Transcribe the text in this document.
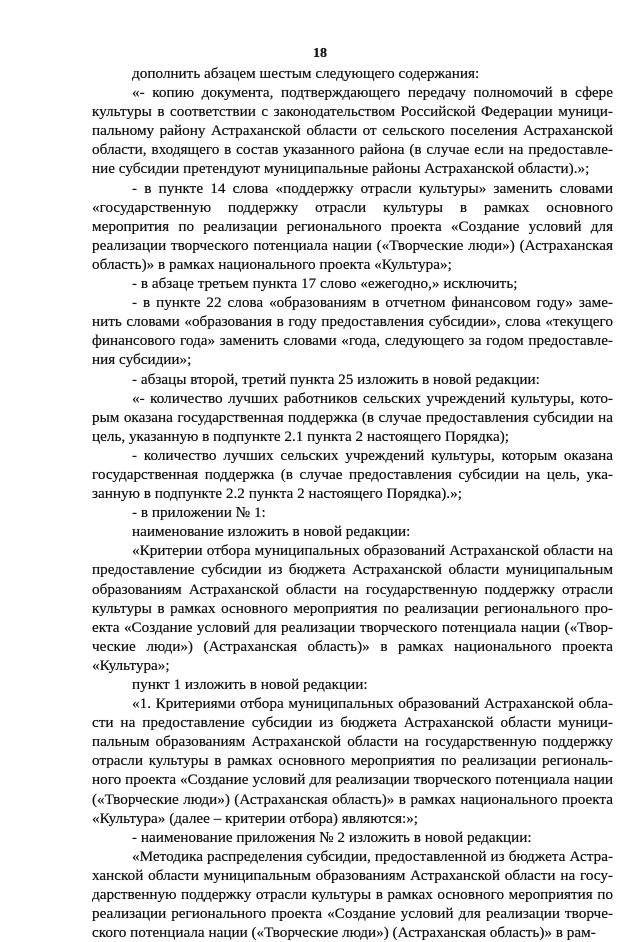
18

дополнить абзацем шестым следующего содержания:

«- копию документа, подтверждающего передачу полномочий в сфере культуры в соответствии с законодательством Российской Федерации муници-пальному району Астраханской области от сельского поселения Астраханской области, входящего в состав указанного района (в случае если на предоставле-ние субсидии претендуют муниципальные районы Астраханской области).»;

- в пункте 14 слова «поддержку отрасли культуры» заменить словами «государственную поддержку отрасли культуры в рамках основного меропрития по реализации регионального проекта «Создание условий для реализации творческого потенциала нации («Творческие люди») (Астраханская область)» в рамках национального проекта «Культура»;

- в абзаце третьем пункта 17 слово «ежегодно,» исключить;

- в пункте 22 слова «образованиям в отчетном финансовом году» заме-нить словами «образования в году предоставления субсидии», слова «текущего финансового года» заменить словами «года, следующего за годом предоставле-ния субсидии»;

- абзацы второй, третий пункта 25 изложить в новой редакции:

«- количество лучших работников сельских учреждений культуры, кото-рым оказана государственная поддержка (в случае предоставления субсидии на цель, указанную в подпункте 2.1 пункта 2 настоящего Порядка);

- количество лучших сельских учреждений культуры, которым оказана государственная поддержка (в случае предоставления субсидии на цель, ука-занную в подпункте 2.2 пункта 2 настоящего Порядка).»;

- в приложении № 1:

наименование изложить в новой редакции:

«Критерии отбора муниципальных образований Астраханской области на предоставление субсидии из бюджета Астраханской области муниципальным образованиям Астраханской области на государственную поддержку отрасли культуры в рамках основного мероприятия по реализации регионального про-екта «Создание условий для реализации творческого потенциала нации («Твор-ческие люди») (Астраханская область)» в рамках национального проекта «Культура»;

пункт 1 изложить в новой редакции:

«1. Критериями отбора муниципальных образований Астраханской обла-сти на предоставление субсидии из бюджета Астраханской области муници-пальным образованиям Астраханской области на государственную поддержку отрасли культуры в рамках основного мероприятия по реализации региональ-ного проекта «Создание условий для реализации творческого потенциала нации («Творческие люди») (Астраханская область)» в рамках национального проекта «Культура» (далее – критерии отбора) являются:»;

- наименование приложения № 2 изложить в новой редакции:

«Методика распределения субсидии, предоставленной из бюджета Астра-ханской области муниципальным образованиям Астраханской области на госу-дарственную поддержку отрасли культуры в рамках основного мероприятия по реализации регионального проекта «Создание условий для реализации творче-ского потенциала нации («Творческие люди») (Астраханская область)» в рам-
